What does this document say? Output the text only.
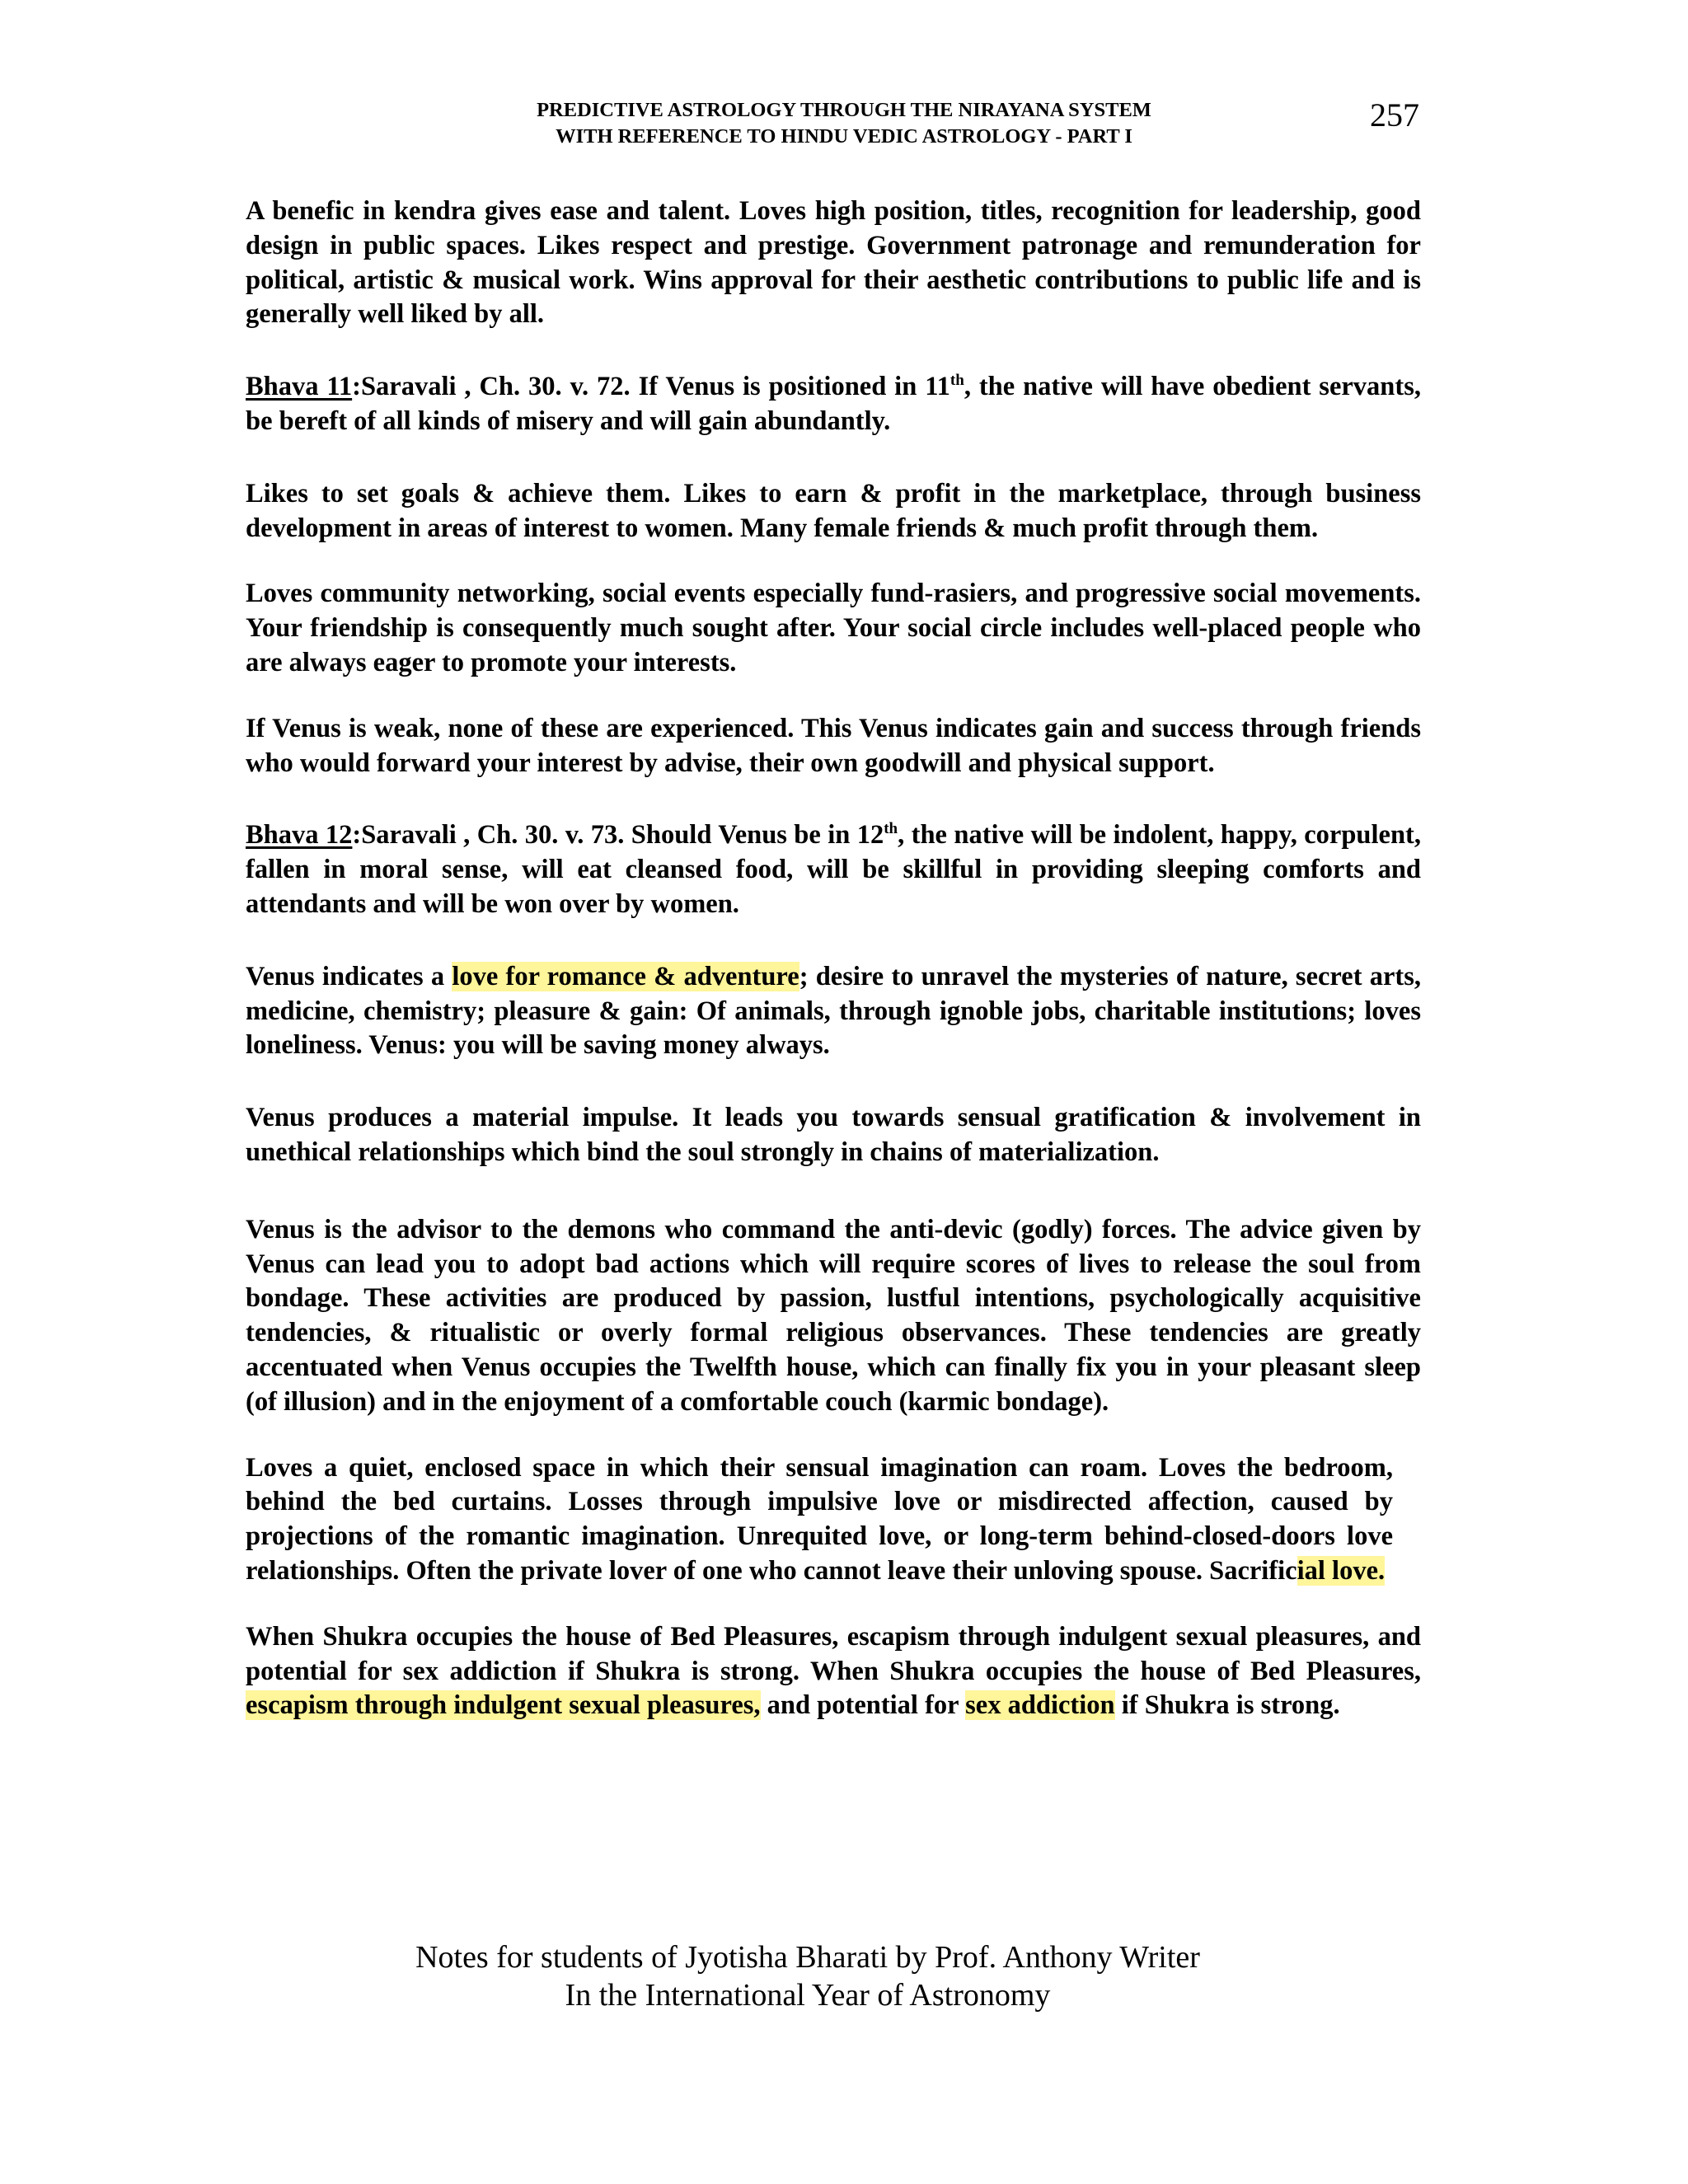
PREDICTIVE ASTROLOGY THROUGH THE NIRAYANA SYSTEM
WITH REFERENCE TO HINDU VEDIC ASTROLOGY - PART I
257

A benefic in kendra gives ease and talent. Loves high position, titles, recognition for leadership, good design in public spaces. Likes respect and prestige. Government patronage and remunderation for political, artistic & musical work. Wins approval for their aesthetic contributions to public life and is generally well liked by all.

Bhava 11:Saravali , Ch. 30. v. 72. If Venus is positioned in 11th, the native will have obedient servants, be bereft of all kinds of misery and will gain abundantly.

Likes to set goals & achieve them. Likes to earn & profit in the marketplace, through business development in areas of interest to women. Many female friends & much profit through them.

Loves community networking, social events especially fund-rasiers, and progressive social movements. Your friendship is consequently much sought after. Your social circle includes well-placed people who are always eager to promote your interests.

If Venus is weak, none of these are experienced. This Venus indicates gain and success through friends who would forward your interest by advise, their own goodwill and physical support.

Bhava 12:Saravali , Ch. 30. v. 73. Should Venus be in 12th, the native will be indolent, happy, corpulent, fallen in moral sense, will eat cleansed food, will be skillful in providing sleeping comforts and attendants and will be won over by women.

Venus indicates a love for romance & adventure; desire to unravel the mysteries of nature, secret arts, medicine, chemistry; pleasure & gain: Of animals, through ignoble jobs, charitable institutions; loves loneliness. Venus: you will be saving money always.

Venus produces a material impulse. It leads you towards sensual gratification & involvement in unethical relationships which bind the soul strongly in chains of materialization.

Venus is the advisor to the demons who command the anti-devic (godly) forces. The advice given by Venus can lead you to adopt bad actions which will require scores of lives to release the soul from bondage. These activities are produced by passion, lustful intentions, psychologically acquisitive tendencies, & ritualistic or overly formal religious observances. These tendencies are greatly accentuated when Venus occupies the Twelfth house, which can finally fix you in your pleasant sleep (of illusion) and in the enjoyment of a comfortable couch (karmic bondage).

Loves a quiet, enclosed space in which their sensual imagination can roam. Loves the bedroom, behind the bed curtains. Losses through impulsive love or misdirected affection, caused by projections of the romantic imagination. Unrequited love, or long-term behind-closed-doors love relationships. Often the private lover of one who cannot leave their unloving spouse. Sacrificial love.

When Shukra occupies the house of Bed Pleasures, escapism through indulgent sexual pleasures, and potential for sex addiction if Shukra is strong. When Shukra occupies the house of Bed Pleasures, escapism through indulgent sexual pleasures, and potential for sex addiction if Shukra is strong.

Notes for students of Jyotisha Bharati by Prof. Anthony Writer
In the International Year of Astronomy
